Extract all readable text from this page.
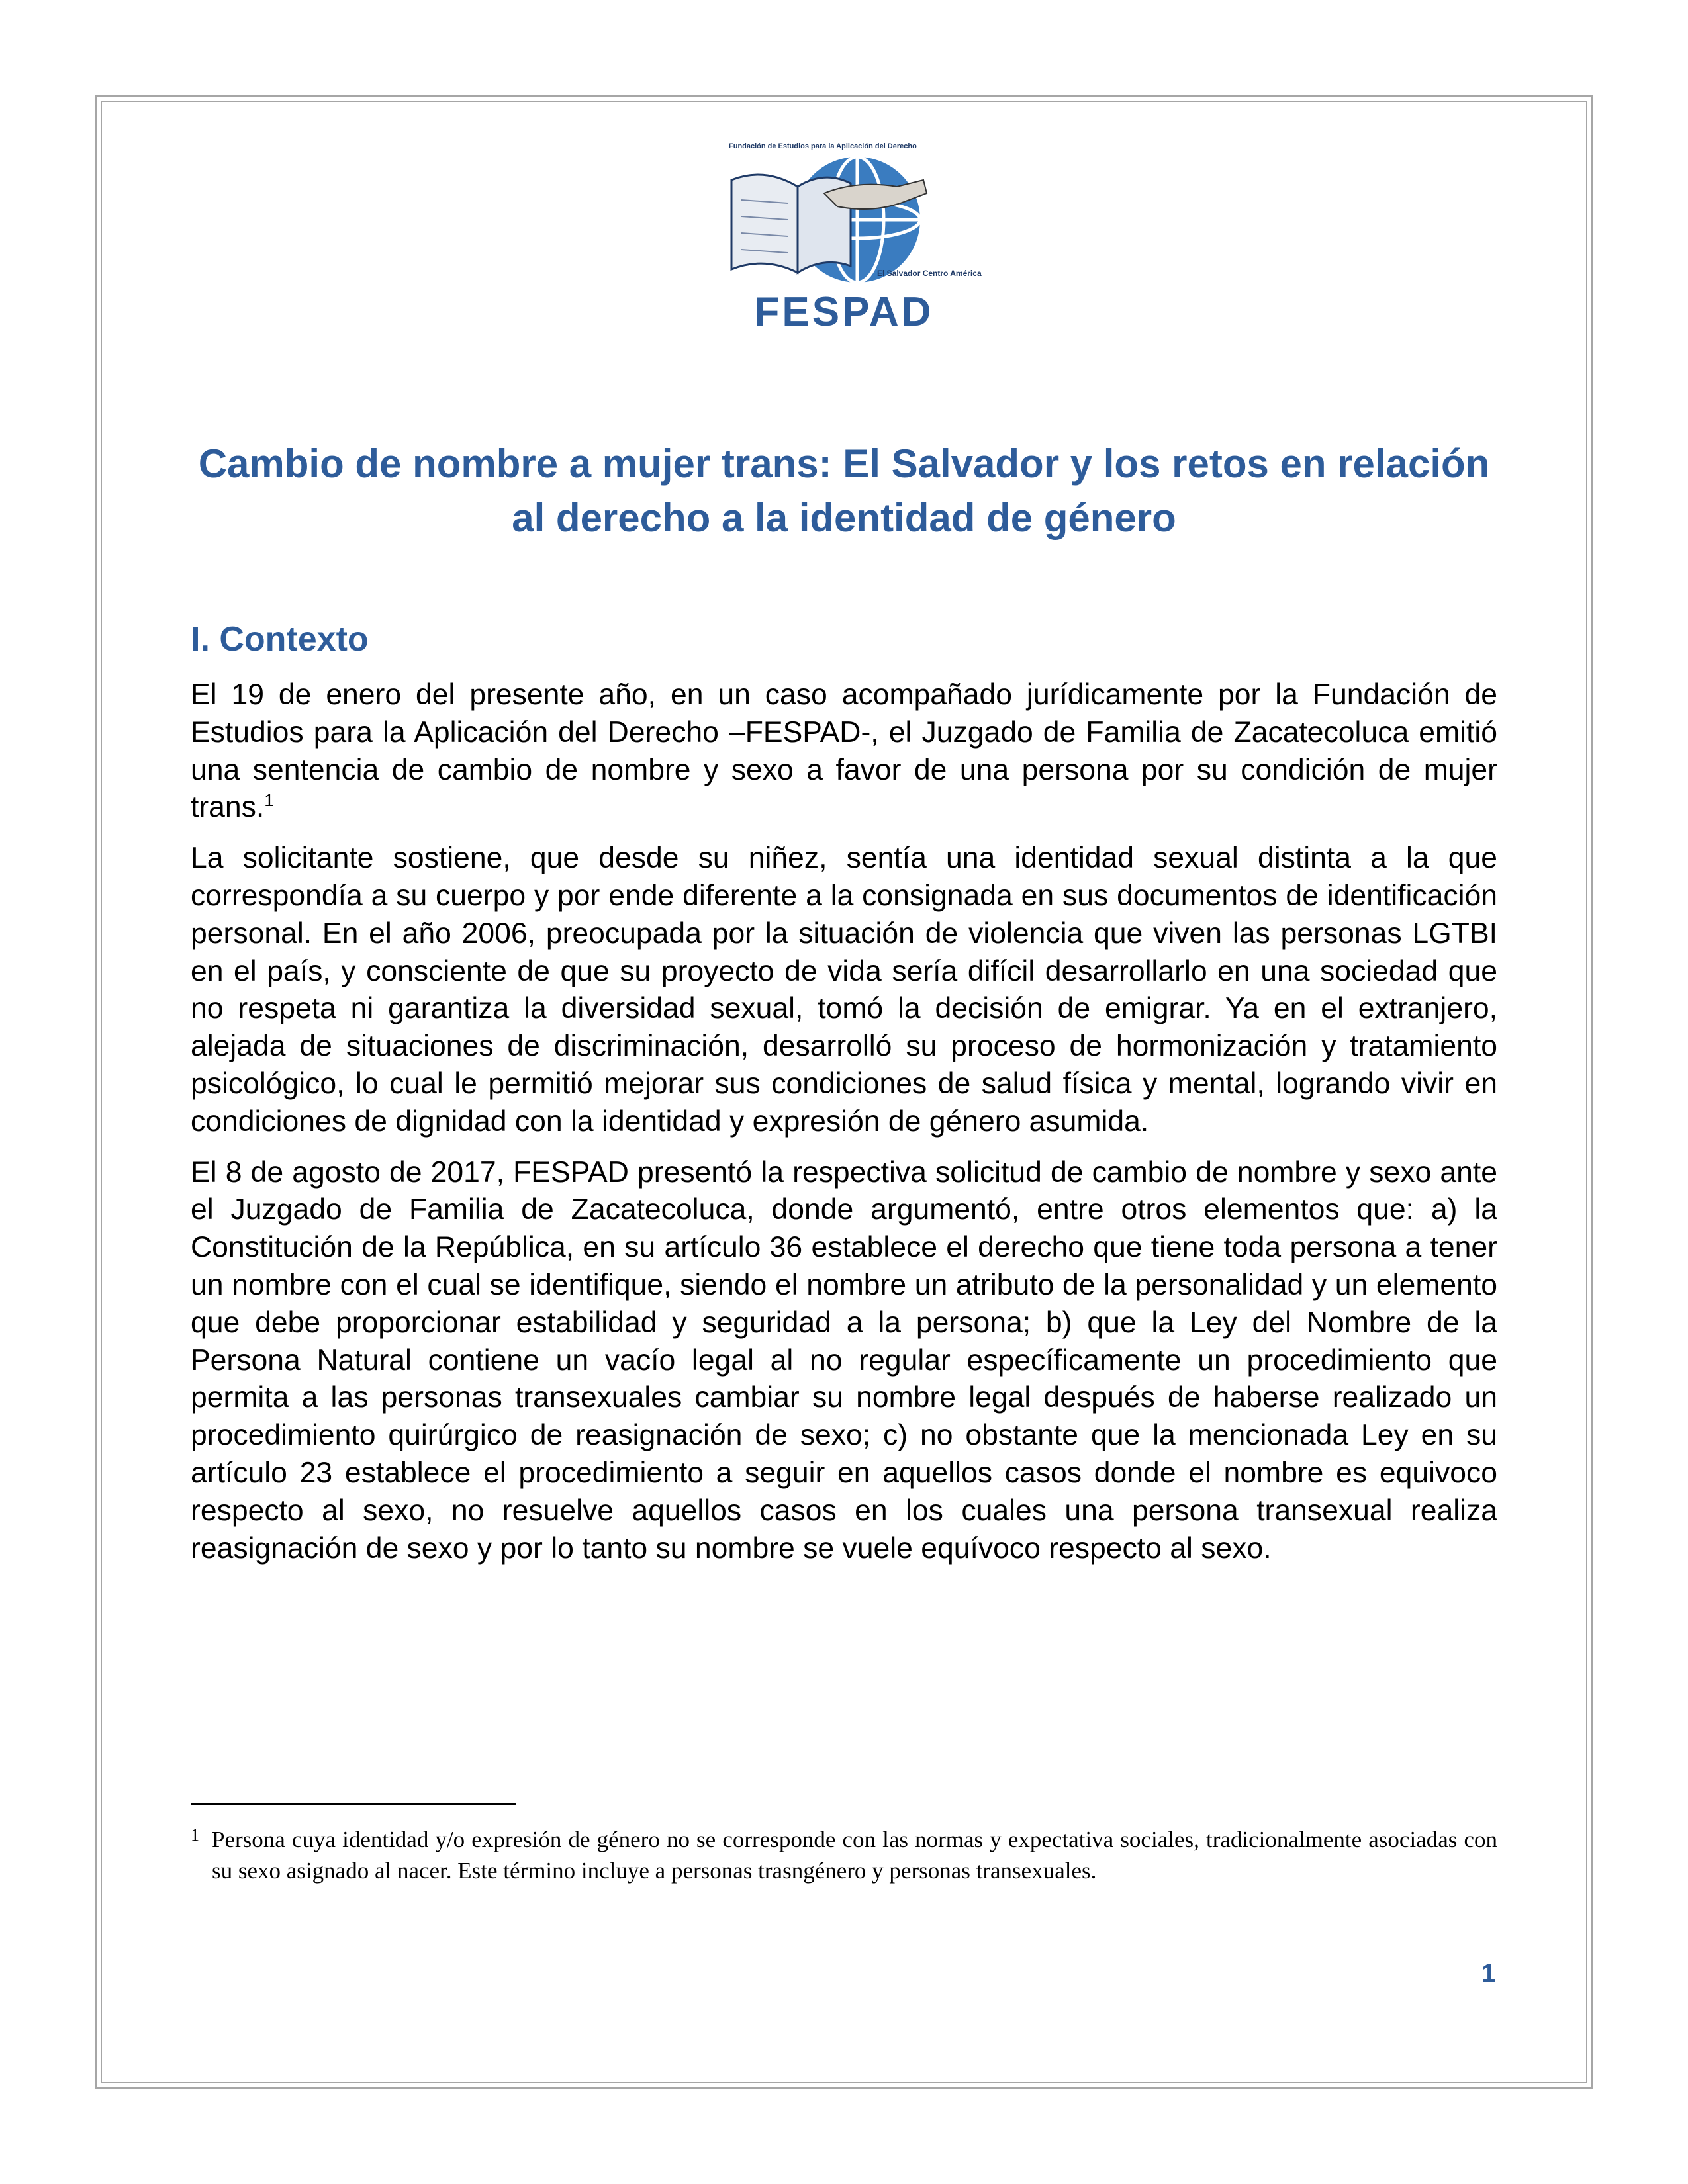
Fundación de Estudios para la Aplicación del Derecho
El Salvador Centro América
FESPAD
Cambio de nombre a mujer trans: El Salvador y los retos en relación al derecho a la identidad de género
I. Contexto

El 19 de enero del presente año, en un caso acompañado jurídicamente por la Fundación de Estudios para la Aplicación del Derecho –FESPAD-, el Juzgado de Familia de Zacatecoluca emitió una sentencia de cambio de nombre y sexo a favor de una persona por su condición de mujer trans.$^1$

La solicitante sostiene, que desde su niñez, sentía una identidad sexual distinta a la que correspondía a su cuerpo y por ende diferente a la consignada en sus documentos de identificación personal. En el año 2006, preocupada por la situación de violencia que viven las personas LGTBI en el país, y consciente de que su proyecto de vida sería difícil desarrollarlo en una sociedad que no respeta ni garantiza la diversidad sexual, tomó la decisión de emigrar. Ya en el extranjero, alejada de situaciones de discriminación, desarrolló su proceso de hormonización y tratamiento psicológico, lo cual le permitió mejorar sus condiciones de salud física y mental, logrando vivir en condiciones de dignidad con la identidad y expresión de género asumida.

El 8 de agosto de 2017, FESPAD presentó la respectiva solicitud de cambio de nombre y sexo ante el Juzgado de Familia de Zacatecoluca, donde argumentó, entre otros elementos que: a) la Constitución de la República, en su artículo 36 establece el derecho que tiene toda persona a tener un nombre con el cual se identifique, siendo el nombre un atributo de la personalidad y un elemento que debe proporcionar estabilidad y seguridad a la persona; b) que la Ley del Nombre de la Persona Natural contiene un vacío legal al no regular específicamente un procedimiento que permita a las personas transexuales cambiar su nombre legal después de haberse realizado un procedimiento quirúrgico de reasignación de sexo; c) no obstante que la mencionada Ley en su artículo 23 establece el procedimiento a seguir en aquellos casos donde el nombre es equivoco respecto al sexo, no resuelve aquellos casos en los cuales una persona transexual realiza reasignación de sexo y por lo tanto su nombre se vuele equívoco respecto al sexo.

1 Persona cuya identidad y/o expresión de género no se corresponde con las normas y expectativa sociales, tradicionalmente asociadas con su sexo asignado al nacer. Este término incluye a personas trasngénero y personas transexuales.
1
